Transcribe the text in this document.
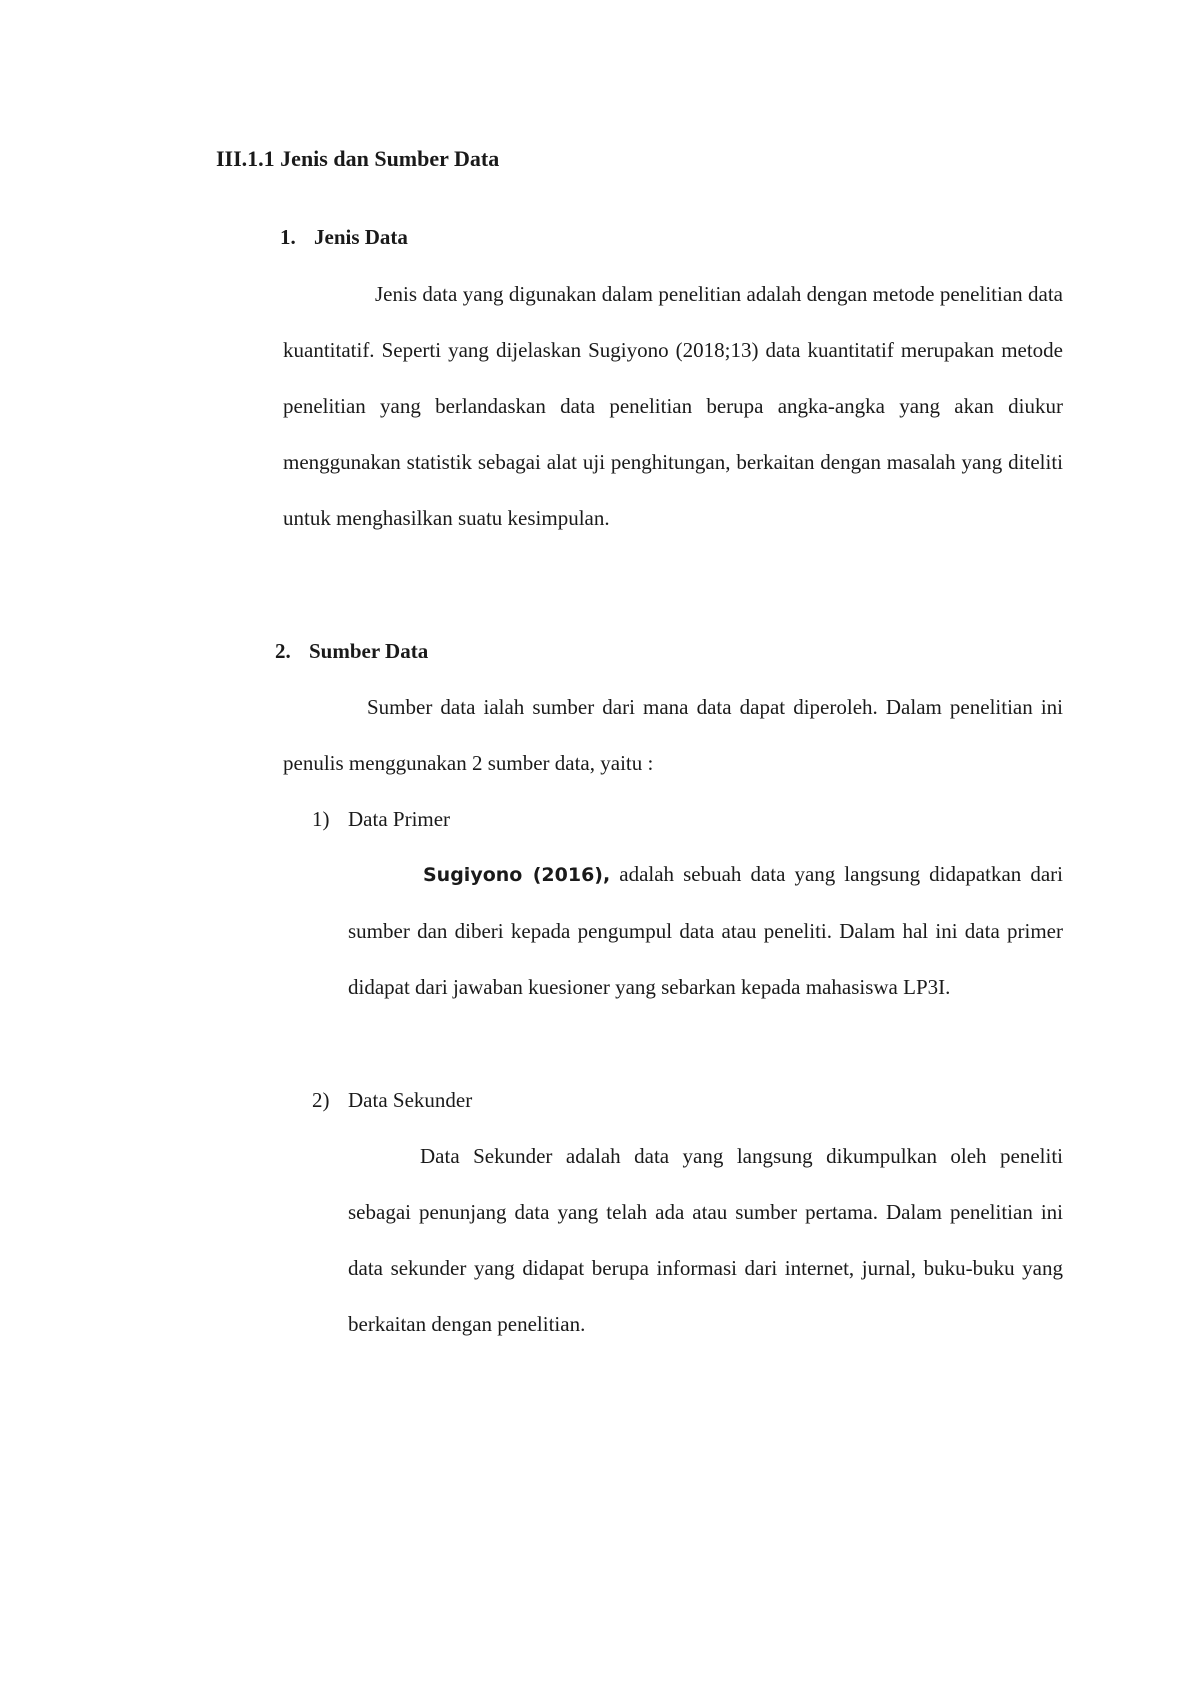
III.1.1 Jenis dan Sumber Data
1. Jenis Data
Jenis data yang digunakan dalam penelitian adalah dengan metode penelitian data kuantitatif. Seperti yang dijelaskan Sugiyono (2018;13) data kuantitatif merupakan metode penelitian yang berlandaskan data penelitian berupa angka-angka yang akan diukur menggunakan statistik sebagai alat uji penghitungan, berkaitan dengan masalah yang diteliti untuk menghasilkan suatu kesimpulan.
2. Sumber Data
Sumber data ialah sumber dari mana data dapat diperoleh. Dalam penelitian ini penulis menggunakan 2 sumber data, yaitu :
1) Data Primer
Sugiyono (2016), adalah sebuah data yang langsung didapatkan dari sumber dan diberi kepada pengumpul data atau peneliti. Dalam hal ini data primer didapat dari jawaban kuesioner yang sebarkan kepada mahasiswa LP3I.
2) Data Sekunder
Data Sekunder adalah data yang langsung dikumpulkan oleh peneliti sebagai penunjang data yang telah ada atau sumber pertama. Dalam penelitian ini data sekunder yang didapat berupa informasi dari internet, jurnal, buku-buku yang berkaitan dengan penelitian.
